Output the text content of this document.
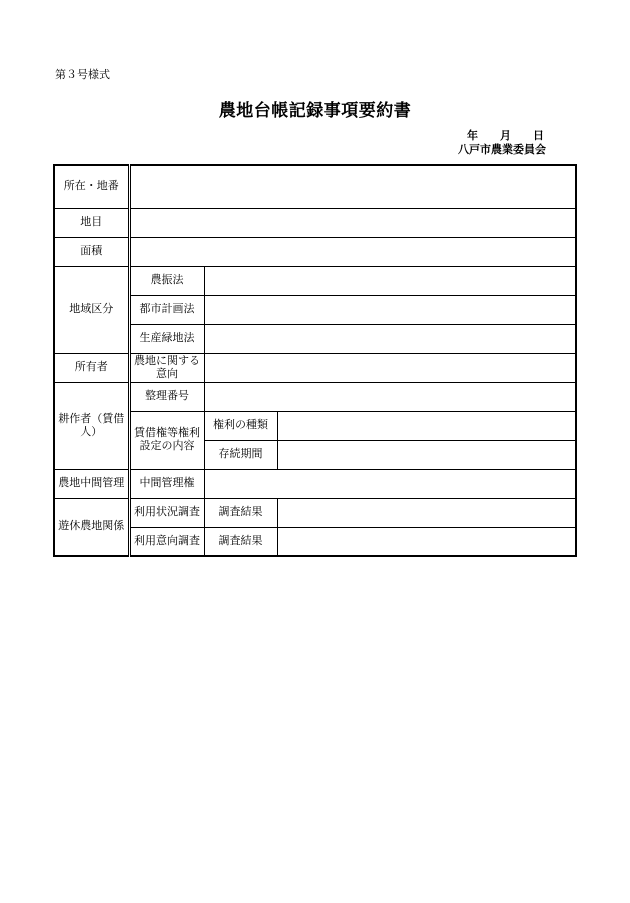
第３号様式
農地台帳記録事項要約書
年 月 日
八戸市農業委員会
所在・地番			
地目			
面積			
地域区分	農振法		
	都市計画法		
	生産緑地法		
所有者	農地に関する意向		
耕作者（賃借人）	整理番号		
	賃借権等権利設定の内容	権利の種類	
		存続期間	
農地中間管理	中間管理権		
遊休農地関係	利用状況調査	調査結果	
	利用意向調査	調査結果	
